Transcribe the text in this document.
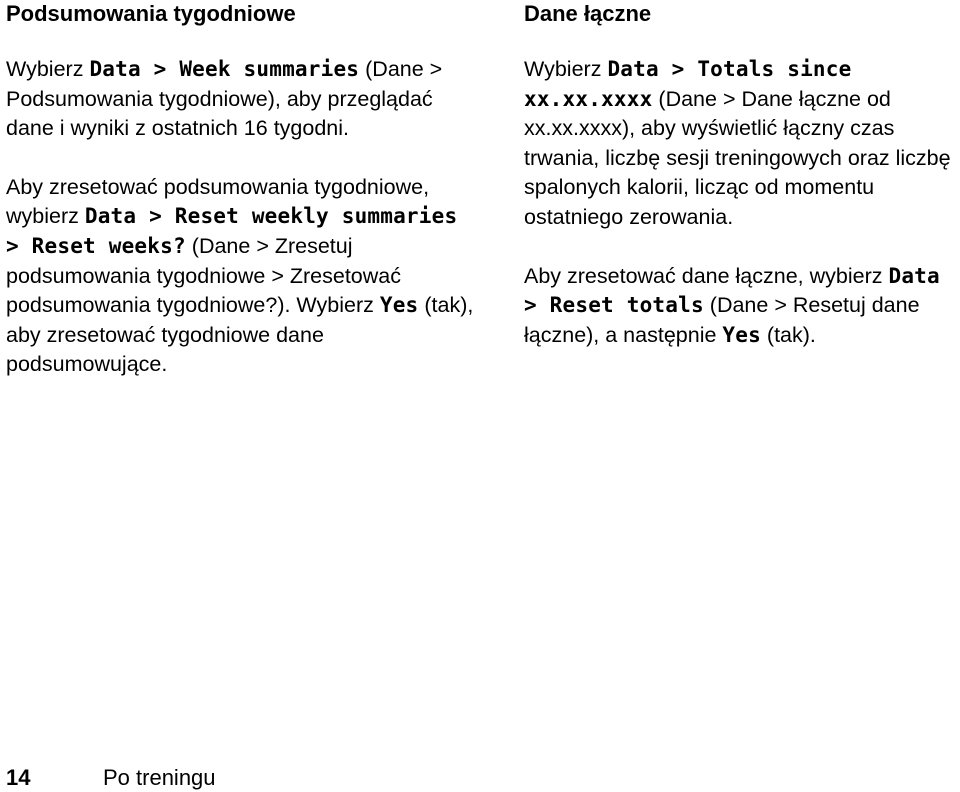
Podsumowania tygodniowe

Wybierz Data > Week summaries (Dane > Podsumowania tygodniowe), aby przeglądać dane i wyniki z ostatnich 16 tygodni.

Aby zresetować podsumowania tygodniowe, wybierz Data > Reset weekly summaries > Reset weeks? (Dane > Zresetuj podsumowania tygodniowe > Zresetować podsumowania tygodniowe?). Wybierz Yes (tak), aby zresetować tygodniowe dane podsumowujące.

Dane łączne

Wybierz Data > Totals since xx.xx.xxxx (Dane > Dane łączne od xx.xx.xxxx), aby wyświetlić łączny czas trwania, liczbę sesji treningowych oraz liczbę spalonych kalorii, licząc od momentu ostatniego zerowania.

Aby zresetować dane łączne, wybierz Data > Reset totals (Dane > Resetuj dane łączne), a następnie Yes (tak).

14	Po treningu
